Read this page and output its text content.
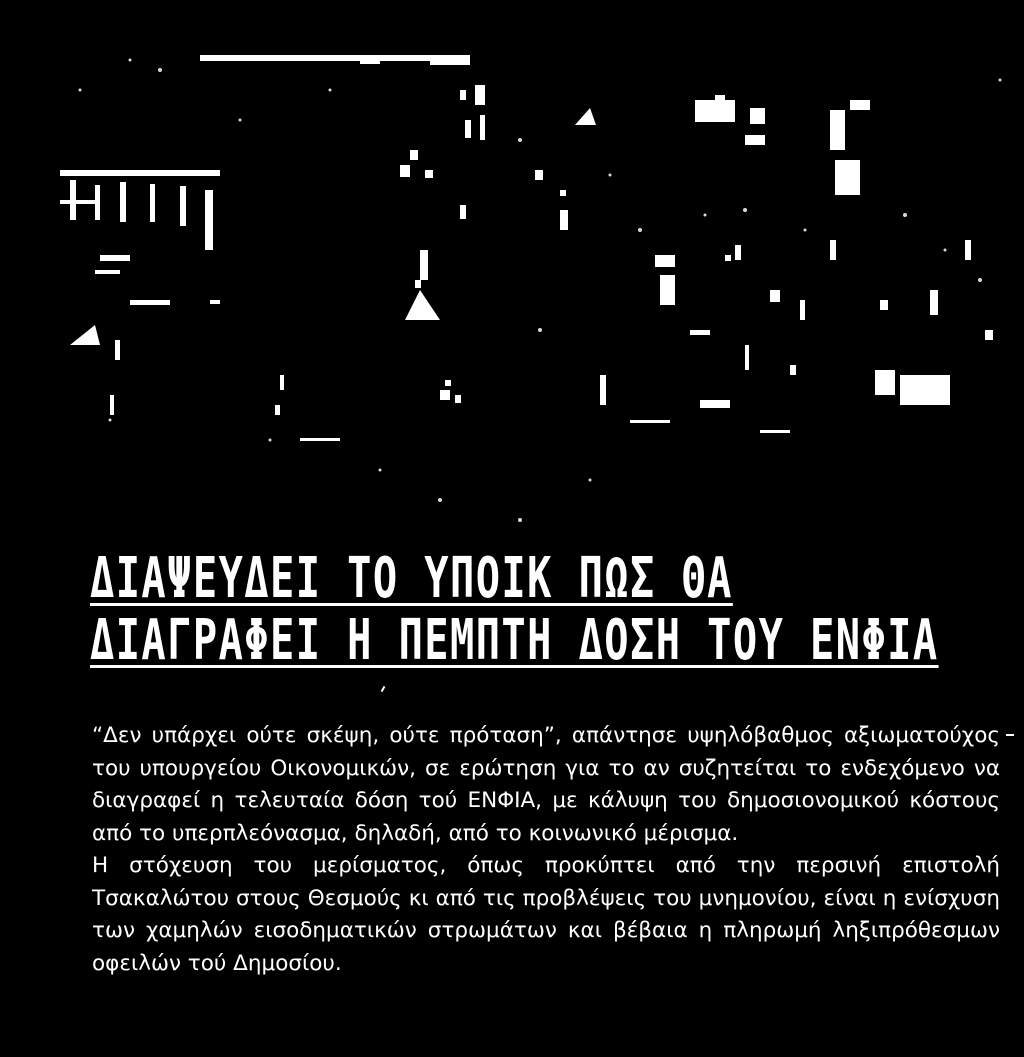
ΔΙΑΨΕΥΔΕΙ ΤΟ ΥΠΟΙΚ ΠΩΣ ΘΑ
ΔΙΑΓΡΑΦΕΙ Η ΠΕΜΠΤΗ ΔΟΣΗ ΤΟΥ ΕΝΦΙΑ

“Δεν υπάρχει ούτε σκέψη, ούτε πρόταση”, απάντησε υψηλόβαθμος αξιωματούχος του υπουργείου Οικονομικών, σε ερώτηση για το αν συζητείται το ενδεχόμενο να διαγραφεί η τελευταία δόση τού ΕΝΦΙΑ, με κάλυψη του δημοσιονομικού κόστους από το υπερπλεόνασμα, δηλαδή, από το κοινωνικό μέρισμα.

Η στόχευση του μερίσματος, όπως προκύπτει από την περσινή επιστολή Τσακαλώτου στους Θεσμούς κι από τις προβλέψεις του μνημονίου, είναι η ενίσχυση των χαμηλών εισοδηματικών στρωμάτων και βέβαια η πληρωμή ληξιπρόθεσμων οφειλών τού Δημοσίου.
